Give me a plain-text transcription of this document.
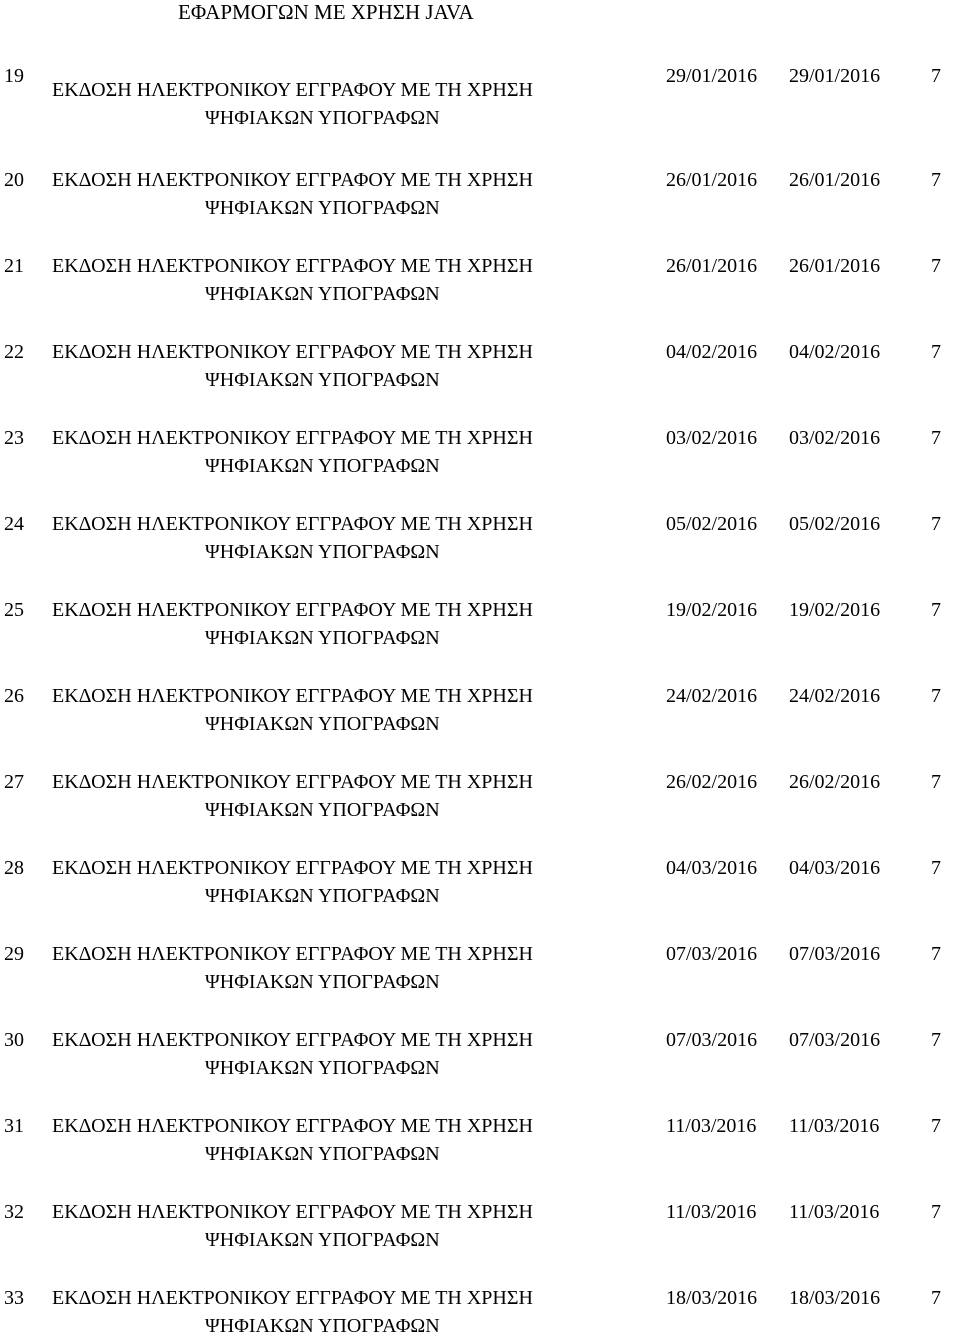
ΕΦΑΡΜΟΓΩΝ ΜΕ ΧΡΗΣΗ JAVA
19
ΕΚΔΟΣΗ ΗΛΕΚΤΡΟΝΙΚΟΥ ΕΓΓΡΑΦΟΥ ΜΕ ΤΗ ΧΡΗΣΗ
ΨΗΦΙΑΚΩΝ ΥΠΟΓΡΑΦΩΝ
29/01/2016 29/01/2016	7
20 ΕΚΔΟΣΗ ΗΛΕΚΤΡΟΝΙΚΟΥ ΕΓΓΡΑΦΟΥ ΜΕ ΤΗ ΧΡΗΣΗ
ΨΗΦΙΑΚΩΝ ΥΠΟΓΡΑΦΩΝ
26/01/2016 26/01/2016	7
21 ΕΚΔΟΣΗ ΗΛΕΚΤΡΟΝΙΚΟΥ ΕΓΓΡΑΦΟΥ ΜΕ ΤΗ ΧΡΗΣΗ
ΨΗΦΙΑΚΩΝ ΥΠΟΓΡΑΦΩΝ
26/01/2016 26/01/2016	7
22 ΕΚΔΟΣΗ ΗΛΕΚΤΡΟΝΙΚΟΥ ΕΓΓΡΑΦΟΥ ΜΕ ΤΗ ΧΡΗΣΗ
ΨΗΦΙΑΚΩΝ ΥΠΟΓΡΑΦΩΝ
04/02/2016 04/02/2016	7
23 ΕΚΔΟΣΗ ΗΛΕΚΤΡΟΝΙΚΟΥ ΕΓΓΡΑΦΟΥ ΜΕ ΤΗ ΧΡΗΣΗ
ΨΗΦΙΑΚΩΝ ΥΠΟΓΡΑΦΩΝ
03/02/2016 03/02/2016	7
24 ΕΚΔΟΣΗ ΗΛΕΚΤΡΟΝΙΚΟΥ ΕΓΓΡΑΦΟΥ ΜΕ ΤΗ ΧΡΗΣΗ
ΨΗΦΙΑΚΩΝ ΥΠΟΓΡΑΦΩΝ
05/02/2016 05/02/2016	7
25 ΕΚΔΟΣΗ ΗΛΕΚΤΡΟΝΙΚΟΥ ΕΓΓΡΑΦΟΥ ΜΕ ΤΗ ΧΡΗΣΗ
ΨΗΦΙΑΚΩΝ ΥΠΟΓΡΑΦΩΝ
19/02/2016 19/02/2016	7
26 ΕΚΔΟΣΗ ΗΛΕΚΤΡΟΝΙΚΟΥ ΕΓΓΡΑΦΟΥ ΜΕ ΤΗ ΧΡΗΣΗ
ΨΗΦΙΑΚΩΝ ΥΠΟΓΡΑΦΩΝ
24/02/2016 24/02/2016	7
27 ΕΚΔΟΣΗ ΗΛΕΚΤΡΟΝΙΚΟΥ ΕΓΓΡΑΦΟΥ ΜΕ ΤΗ ΧΡΗΣΗ
ΨΗΦΙΑΚΩΝ ΥΠΟΓΡΑΦΩΝ
26/02/2016 26/02/2016	7
28 ΕΚΔΟΣΗ ΗΛΕΚΤΡΟΝΙΚΟΥ ΕΓΓΡΑΦΟΥ ΜΕ ΤΗ ΧΡΗΣΗ
ΨΗΦΙΑΚΩΝ ΥΠΟΓΡΑΦΩΝ
04/03/2016 04/03/2016	7
29 ΕΚΔΟΣΗ ΗΛΕΚΤΡΟΝΙΚΟΥ ΕΓΓΡΑΦΟΥ ΜΕ ΤΗ ΧΡΗΣΗ
ΨΗΦΙΑΚΩΝ ΥΠΟΓΡΑΦΩΝ
07/03/2016 07/03/2016	7
30 ΕΚΔΟΣΗ ΗΛΕΚΤΡΟΝΙΚΟΥ ΕΓΓΡΑΦΟΥ ΜΕ ΤΗ ΧΡΗΣΗ
ΨΗΦΙΑΚΩΝ ΥΠΟΓΡΑΦΩΝ
07/03/2016 07/03/2016	7
31 ΕΚΔΟΣΗ ΗΛΕΚΤΡΟΝΙΚΟΥ ΕΓΓΡΑΦΟΥ ΜΕ ΤΗ ΧΡΗΣΗ
ΨΗΦΙΑΚΩΝ ΥΠΟΓΡΑΦΩΝ
11/03/2016 11/03/2016	7
32 ΕΚΔΟΣΗ ΗΛΕΚΤΡΟΝΙΚΟΥ ΕΓΓΡΑΦΟΥ ΜΕ ΤΗ ΧΡΗΣΗ
ΨΗΦΙΑΚΩΝ ΥΠΟΓΡΑΦΩΝ
11/03/2016 11/03/2016	7
33 ΕΚΔΟΣΗ ΗΛΕΚΤΡΟΝΙΚΟΥ ΕΓΓΡΑΦΟΥ ΜΕ ΤΗ ΧΡΗΣΗ
ΨΗΦΙΑΚΩΝ ΥΠΟΓΡΑΦΩΝ
18/03/2016 18/03/2016	7
